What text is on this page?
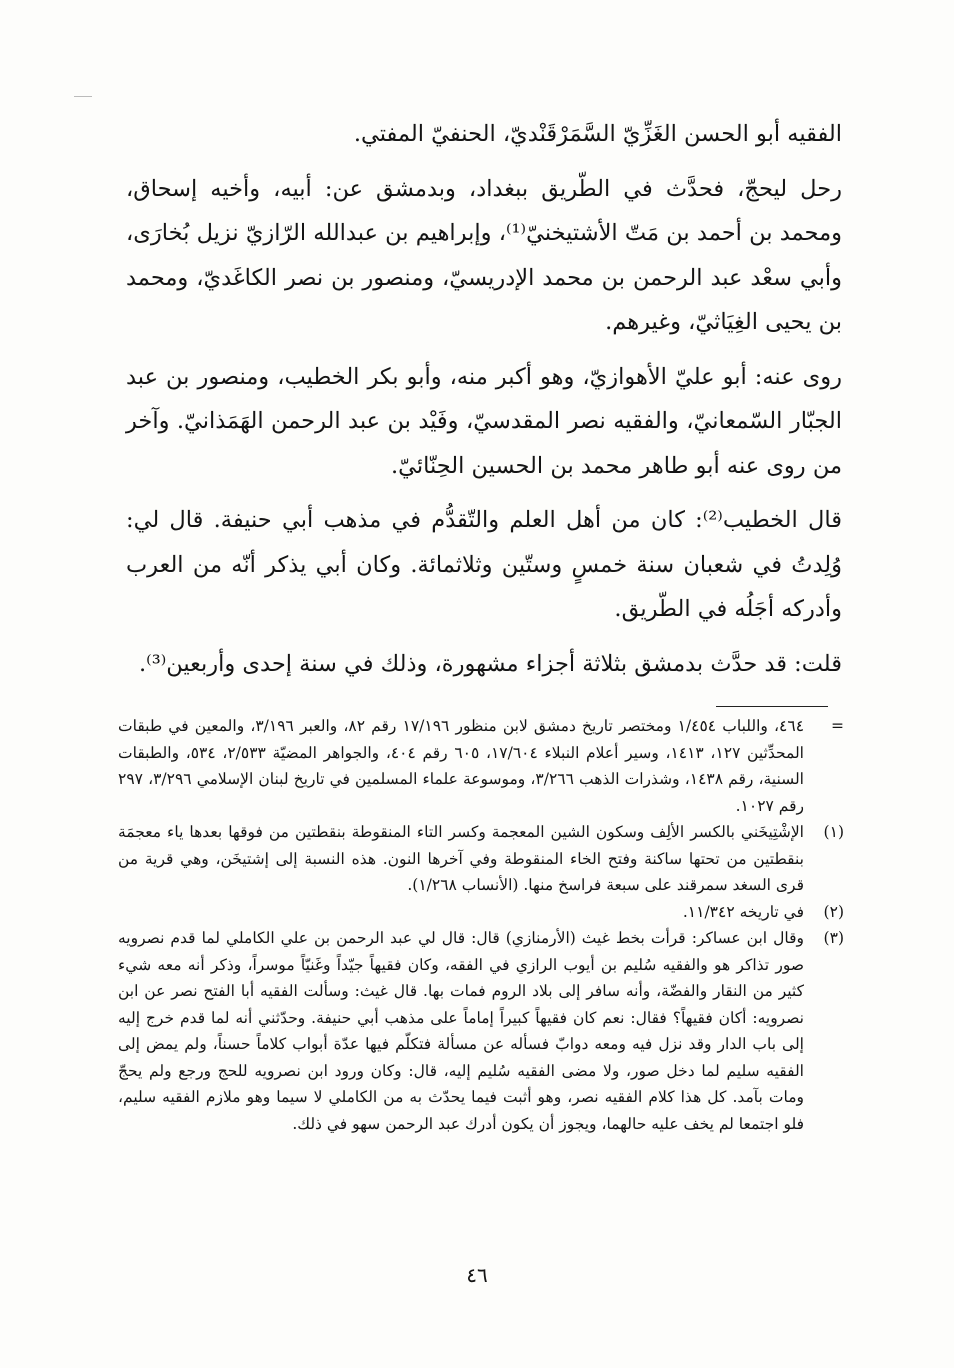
الفقيه أبو الحسن الغَزِّيّ السَّمَرْقَنْديّ، الحنفيّ المفتي.

رحل ليحجّ، فحدَّث في الطّريق ببغداد، وبدمشق عن: أبيه، وأخيه إسحاق، ومحمد بن أحمد بن مَتّ الأشتيخنيّ⁽¹⁾، وإبراهيم بن عبدالله الرّازيّ نزيل بُخارَى، وأبي سعْد عبد الرحمن بن محمد الإدريسيّ، ومنصور بن نصر الكاغَديّ، ومحمد بن يحيى الغِيَاثيّ، وغيرهم.

روى عنه: أبو عليّ الأهوازيّ، وهو أكبر منه، وأبو بكر الخطيب، ومنصور بن عبد الجبّار السّمعانيّ، والفقيه نصر المقدسيّ، وفَيْد بن عبد الرحمن الهَمَذانيّ. وآخر من روى عنه أبو طاهر محمد بن الحسين الحِنّائيّ.

قال الخطيب⁽²⁾: كان من أهل العلم والتّقدُّم في مذهب أبي حنيفة. قال لي: وُلِدتُ في شعبان سنة خمسٍ وستّين وثلاثمائة. وكان أبي يذكر أنّه من العرب وأدركه أجَلُه في الطّريق.

قلت: قد حدَّث بدمشق بثلاثة أجزاء مشهورة، وذلك في سنة إحدى وأربعين⁽³⁾.

=
٤٦٤، واللباب ١/٤٥٤ ومختصر تاريخ دمشق لابن منظور ١٧/١٩٦ رقم ٨٢، والعبر ٣/١٩٦، والمعين في طبقات المحدِّثين ١٢٧، ١٤١٣، وسير أعلام النبلاء ١٧/٦٠٤، ٦٠٥ رقم ٤٠٤، والجواهر المضيّة ٢/٥٣٣، ٥٣٤، والطبقات السنية، رقم ١٤٣٨، وشذرات الذهب ٣/٢٦٦، وموسوعة علماء المسلمين في تاريخ لبنان الإسلامي ٣/٢٩٦، ٢٩٧ رقم ١٠٢٧.
(١)
الإشْتِيخَني بالكسر الألِف وسكون الشين المعجمة وكسر التاء المنقوطة بنقطتين من فوقها بعدها ياء معجمَة بنقطتين من تحتها ساكنة وفتح الخاء المنقوطة وفي آخرها النون. هذه النسبة إلى إشتيخَن، وهي قرية من قرى السغد سمرقند على سبعة فراسخ منها. (الأنساب ١/٢٦٨).
(٢)
في تاريخه ١١/٣٤٢.
(٣)
وقال ابن عساكر: قرأت بخط غيث (الأرمنازي) قال: قال لي عبد الرحمن بن علي الكاملي لما قدم نصرويه صور تذاكر هو والفقيه سُليم بن أيوب الرازي في الفقه، وكان فقيهاً جيّداً وغَنيّاً موسراً، وذكر أنه معه شيء كثير من النقار والفضّة، وأنه سافر إلى بلاد الروم فمات بها. قال غيث: وسألت الفقيه أبا الفتح نصر عن ابن نصرويه: أكان فقيهاً؟ فقال: نعم كان فقيهاً كبيراً إماماً على مذهب أبي حنيفة. وحدّثني أنه لما قدم خرج إليه إلى باب الدار وقد نزل فيه ومعه دوابّ فسأله عن مسألة فتكلّم فيها عدّة أبواب كلاماً حسناً، ولم يمض إلى الفقيه سليم لما دخل صور، ولا مضى الفقيه سُليم إليه، قال: وكان ورود ابن نصرويه للحج ورجع ولم يحجّ ومات بآمد. كل هذا كلام الفقيه نصر، وهو أثبت فيما يحدّث به من الكاملي لا سيما وهو ملازم الفقيه سليم، فلو اجتمعا لم يخف عليه حالهما، ويجوز أن يكون أدرك عبد الرحمن سهو في ذلك.
٤٦
